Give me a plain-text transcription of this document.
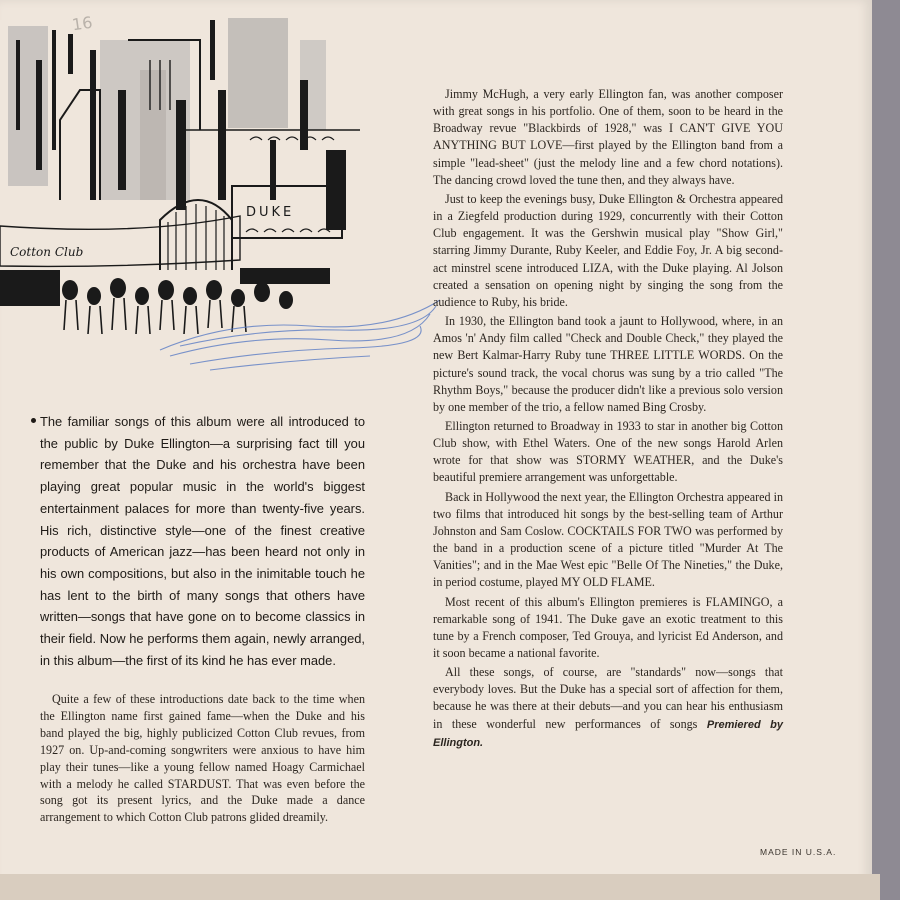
DUKE
Cotton Club
16

Jimmy McHugh, a very early Ellington fan, was another composer with great songs in his portfolio. One of them, soon to be heard in the Broadway revue "Blackbirds of 1928," was I CAN'T GIVE YOU ANYTHING BUT LOVE—first played by the Ellington band from a simple "lead-sheet" (just the melody line and a few chord notations). The dancing crowd loved the tune then, and they always have.

Just to keep the evenings busy, Duke Ellington & Orchestra appeared in a Ziegfeld production during 1929, concurrently with their Cotton Club engagement. It was the Gershwin musical play "Show Girl," starring Jimmy Durante, Ruby Keeler, and Eddie Foy, Jr. A big second-act minstrel scene introduced LIZA, with the Duke playing. Al Jolson created a sensation on opening night by singing the song from the audience to Ruby, his bride.

In 1930, the Ellington band took a jaunt to Hollywood, where, in an Amos 'n' Andy film called "Check and Double Check," they played the new Bert Kalmar-Harry Ruby tune THREE LITTLE WORDS. On the picture's sound track, the vocal chorus was sung by a trio called "The Rhythm Boys," because the producer didn't like a previous solo version by one member of the trio, a fellow named Bing Crosby.

Ellington returned to Broadway in 1933 to star in another big Cotton Club show, with Ethel Waters. One of the new songs Harold Arlen wrote for that show was STORMY WEATHER, and the Duke's beautiful premiere arrangement was unforgettable.

Back in Hollywood the next year, the Ellington Orchestra appeared in two films that introduced hit songs by the best-selling team of Arthur Johnston and Sam Coslow. COCKTAILS FOR TWO was performed by the band in a production scene of a picture titled "Murder At The Vanities"; and in the Mae West epic "Belle Of The Nineties," the Duke, in period costume, played MY OLD FLAME.

Most recent of this album's Ellington premieres is FLAMINGO, a remarkable song of 1941. The Duke gave an exotic treatment to this tune by a French composer, Ted Grouya, and lyricist Ed Anderson, and it soon became a national favorite.

All these songs, of course, are "standards" now—songs that everybody loves. But the Duke has a special sort of affection for them, because he was there at their debuts—and you can hear his enthusiasm in these wonderful new performances of songs Premiered by Ellington.

The familiar songs of this album were all introduced to the public by Duke Ellington—a surprising fact till you remember that the Duke and his orchestra have been playing great popular music in the world's biggest entertainment palaces for more than twenty-five years. His rich, distinctive style—one of the finest creative products of American jazz—has been heard not only in his own compositions, but also in the inimitable touch he has lent to the birth of many songs that others have written—songs that have gone on to become classics in their field. Now he performs them again, newly arranged, in this album—the first of its kind he has ever made.

Quite a few of these introductions date back to the time when the Ellington name first gained fame—when the Duke and his band played the big, highly publicized Cotton Club revues, from 1927 on. Up-and-coming songwriters were anxious to have him play their tunes—like a young fellow named Hoagy Carmichael with a melody he called STARDUST. That was even before the song got its present lyrics, and the Duke made a dance arrangement to which Cotton Club patrons glided dreamily.

MADE IN U.S.A.
